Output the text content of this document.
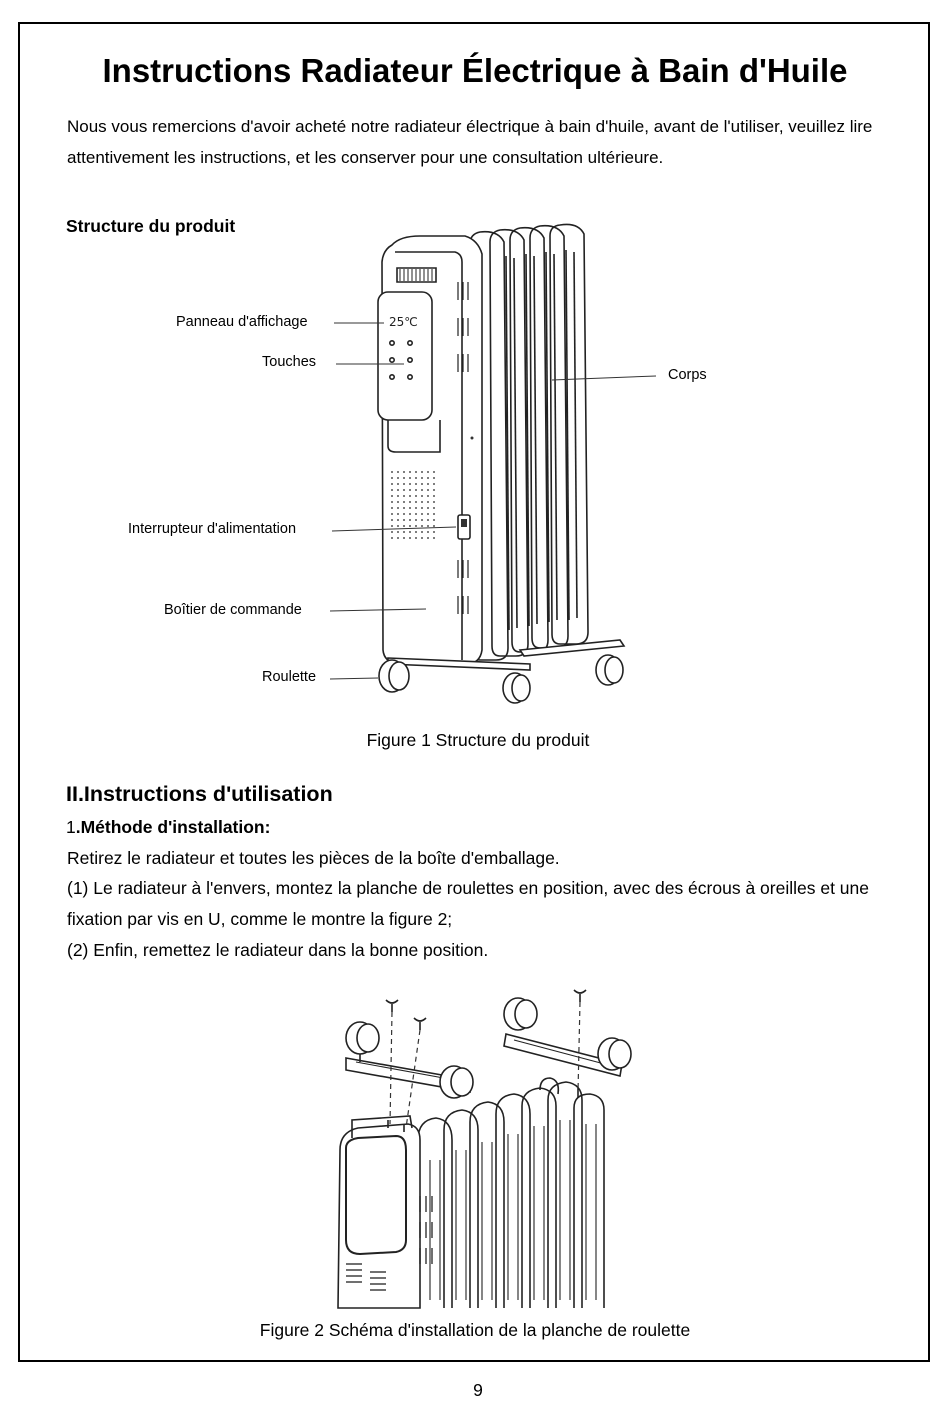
Instructions Radiateur Électrique à Bain d'Huile

Nous vous remercions d'avoir acheté notre radiateur électrique à bain d'huile, avant de l'utiliser, veuillez lire attentivement les instructions, et les conserver pour une consultation ultérieure.

Structure du produit
25℃
Panneau d'affichage
Touches
Corps
Interrupteur d'alimentation
Boîtier de commande
Roulette
Figure 1 Structure du produit
II.Instructions d'utilisation
1.Méthode d'installation:

Retirez le radiateur et toutes les pièces de la boîte d'emballage.

(1) Le radiateur à l'envers, montez la planche de roulettes en position, avec des écrous à oreilles et une fixation par vis en U, comme le montre la figure 2;

(2) Enfin, remettez le radiateur dans la bonne position.

Figure 2 Schéma d'installation de la planche de roulette
9
